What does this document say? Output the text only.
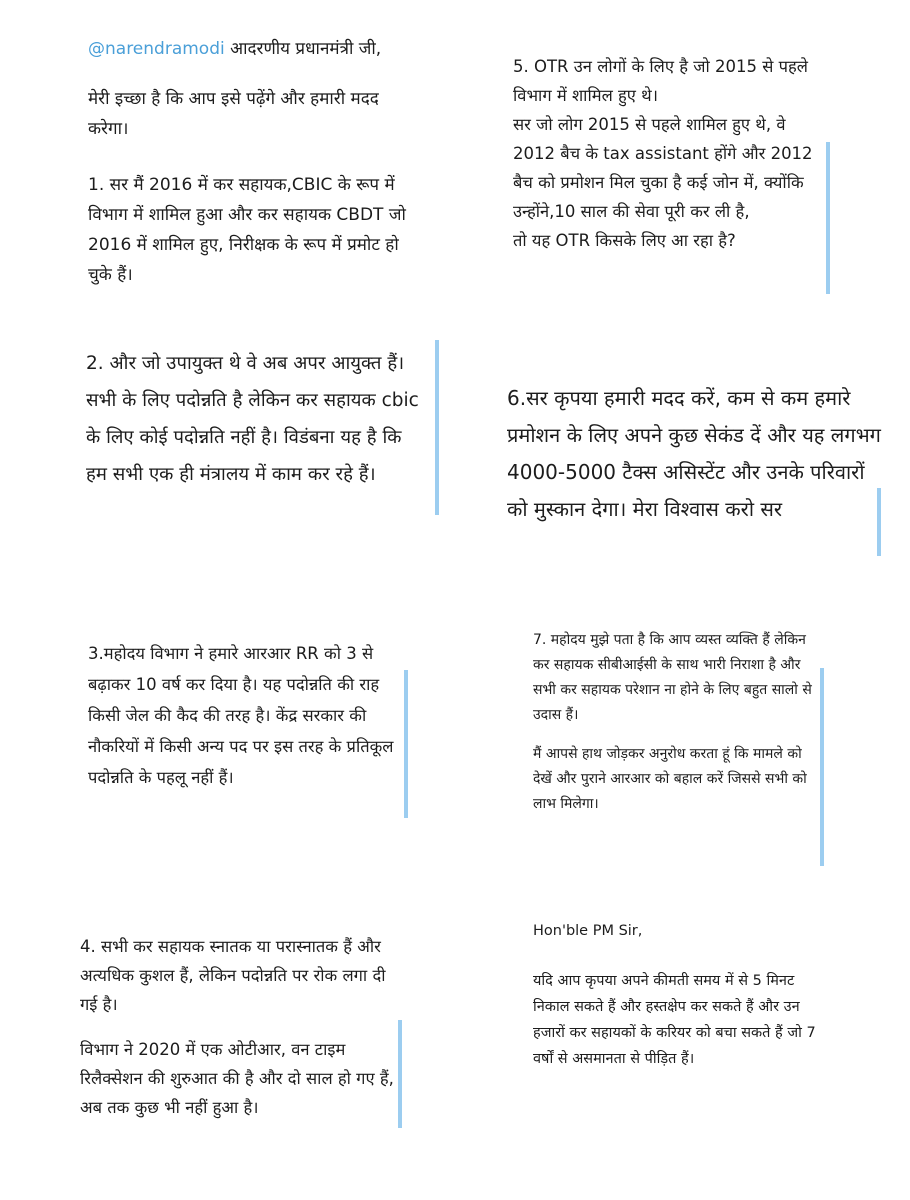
@narendramodi आदरणीय प्रधानमंत्री जी,

मेरी इच्छा है कि आप इसे पढ़ेंगे और हमारी मदद करेगा।

1. सर मैं 2016 में कर सहायक,CBIC के रूप में विभाग में शामिल हुआ और कर सहायक CBDT जो 2016 में शामिल हुए, निरीक्षक के रूप में प्रमोट हो चुके हैं।

2. और जो उपायुक्त थे वे अब अपर आयुक्त हैं। सभी के लिए पदोन्नति है लेकिन कर सहायक cbic के लिए कोई पदोन्नति नहीं है। विडंबना यह है कि हम सभी एक ही मंत्रालय में काम कर रहे हैं।

3.महोदय विभाग ने हमारे आरआर RR को 3 से बढ़ाकर 10 वर्ष कर दिया है। यह पदोन्नति की राह किसी जेल की कैद की तरह है। केंद्र सरकार की नौकरियों में किसी अन्य पद पर इस तरह के प्रतिकूल पदोन्नति के पहलू नहीं हैं।

4. सभी कर सहायक स्नातक या परास्नातक हैं और अत्यधिक कुशल हैं, लेकिन पदोन्नति पर रोक लगा दी गई है।

विभाग ने 2020 में एक ओटीआर, वन टाइम रिलैक्सेशन की शुरुआत की है और दो साल हो गए हैं, अब तक कुछ भी नहीं हुआ है।

5. OTR उन लोगों के लिए है जो 2015 से पहले विभाग में शामिल हुए थे।

सर जो लोग 2015 से पहले शामिल हुए थे, वे 2012 बैच के tax assistant होंगे और 2012 बैच को प्रमोशन मिल चुका है कई जोन में, क्योंकि उन्होंने,10 साल की सेवा पूरी कर ली है,

तो यह OTR किसके लिए आ रहा है?

6.सर कृपया हमारी मदद करें, कम से कम हमारे प्रमोशन के लिए अपने कुछ सेकंड दें और यह लगभग 4000-5000 टैक्स असिस्टेंट और उनके परिवारों को मुस्कान देगा। मेरा विश्वास करो सर

7. महोदय मुझे पता है कि आप व्यस्त व्यक्ति हैं लेकिन कर सहायक सीबीआईसी के साथ भारी निराशा है और सभी कर सहायक परेशान ना होने के लिए बहुत सालो से उदास हैं।

मैं आपसे हाथ जोड़कर अनुरोध करता हूं कि मामले को देखें और पुराने आरआर को बहाल करें जिससे सभी को लाभ मिलेगा।

Hon'ble PM Sir,

यदि आप कृपया अपने कीमती समय में से 5 मिनट निकाल सकते हैं और हस्तक्षेप कर सकते हैं और उन हजारों कर सहायकों के करियर को बचा सकते हैं जो 7 वर्षों से असमानता से पीड़ित हैं।
